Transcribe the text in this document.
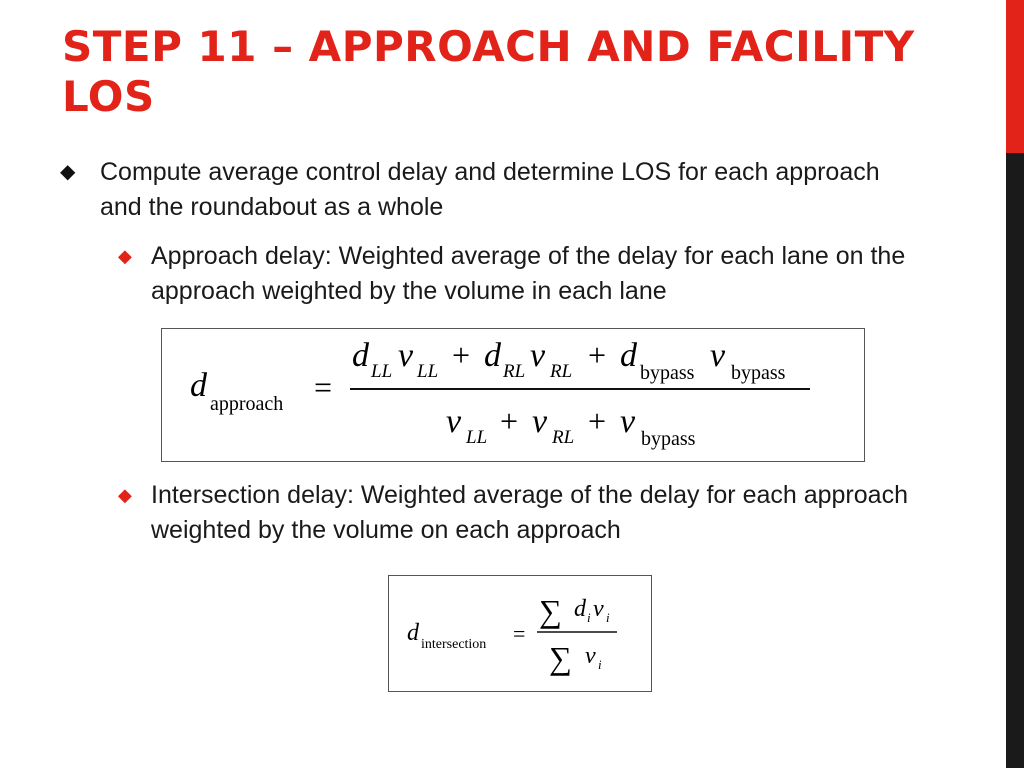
STEP 11 – APPROACH AND FACILITY LOS
◆ Compute average control delay and determine LOS for each approach and the roundabout as a whole
◆ Approach delay: Weighted average of the delay for each lane on the approach weighted by the volume in each lane
d approach =
d LL v LL + d RL v RL + d bypass v bypass
v LL + v RL + v bypass
◆ Intersection delay: Weighted average of the delay for each approach weighted by the volume on each approach
d intersection =
∑ d i v i
∑ v i
